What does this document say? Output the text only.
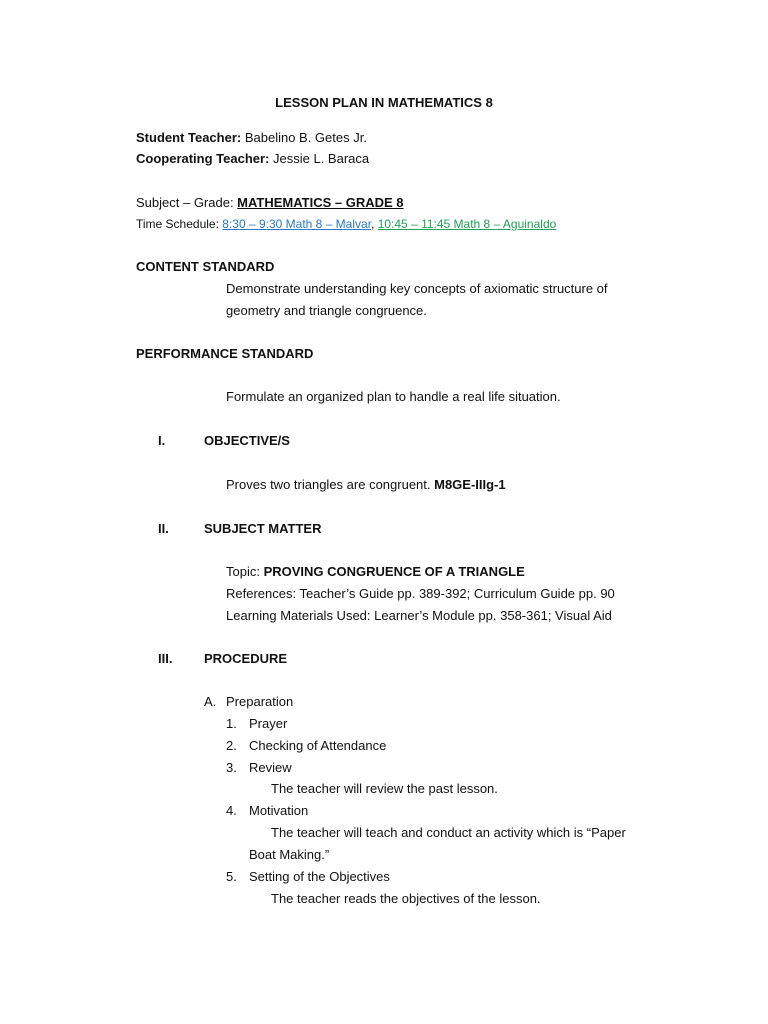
LESSON PLAN IN MATHEMATICS 8
Student Teacher: Babelino B. Getes Jr.
Cooperating Teacher: Jessie L. Baraca
Subject – Grade: MATHEMATICS – GRADE 8
Time Schedule: 8:30 – 9:30 Math 8 – Malvar, 10:45 – 11:45 Math 8 – Aguinaldo
CONTENT STANDARD
Demonstrate understanding key concepts of axiomatic structure of
geometry and triangle congruence.
PERFORMANCE STANDARD
Formulate an organized plan to handle a real life situation.
I.	OBJECTIVE/S
Proves two triangles are congruent. M8GE-IIIg-1
II.	SUBJECT MATTER
Topic: PROVING CONGRUENCE OF A TRIANGLE
References: Teacher’s Guide pp. 389-392; Curriculum Guide pp. 90
Learning Materials Used: Learner’s Module pp. 358-361; Visual Aid
III. PROCEDURE
A. Preparation
1. Prayer
2. Checking of Attendance
3. Review
The teacher will review the past lesson.
4. Motivation
The teacher will teach and conduct an activity which is “Paper
Boat Making.”
5. Setting of the Objectives
The teacher reads the objectives of the lesson.
